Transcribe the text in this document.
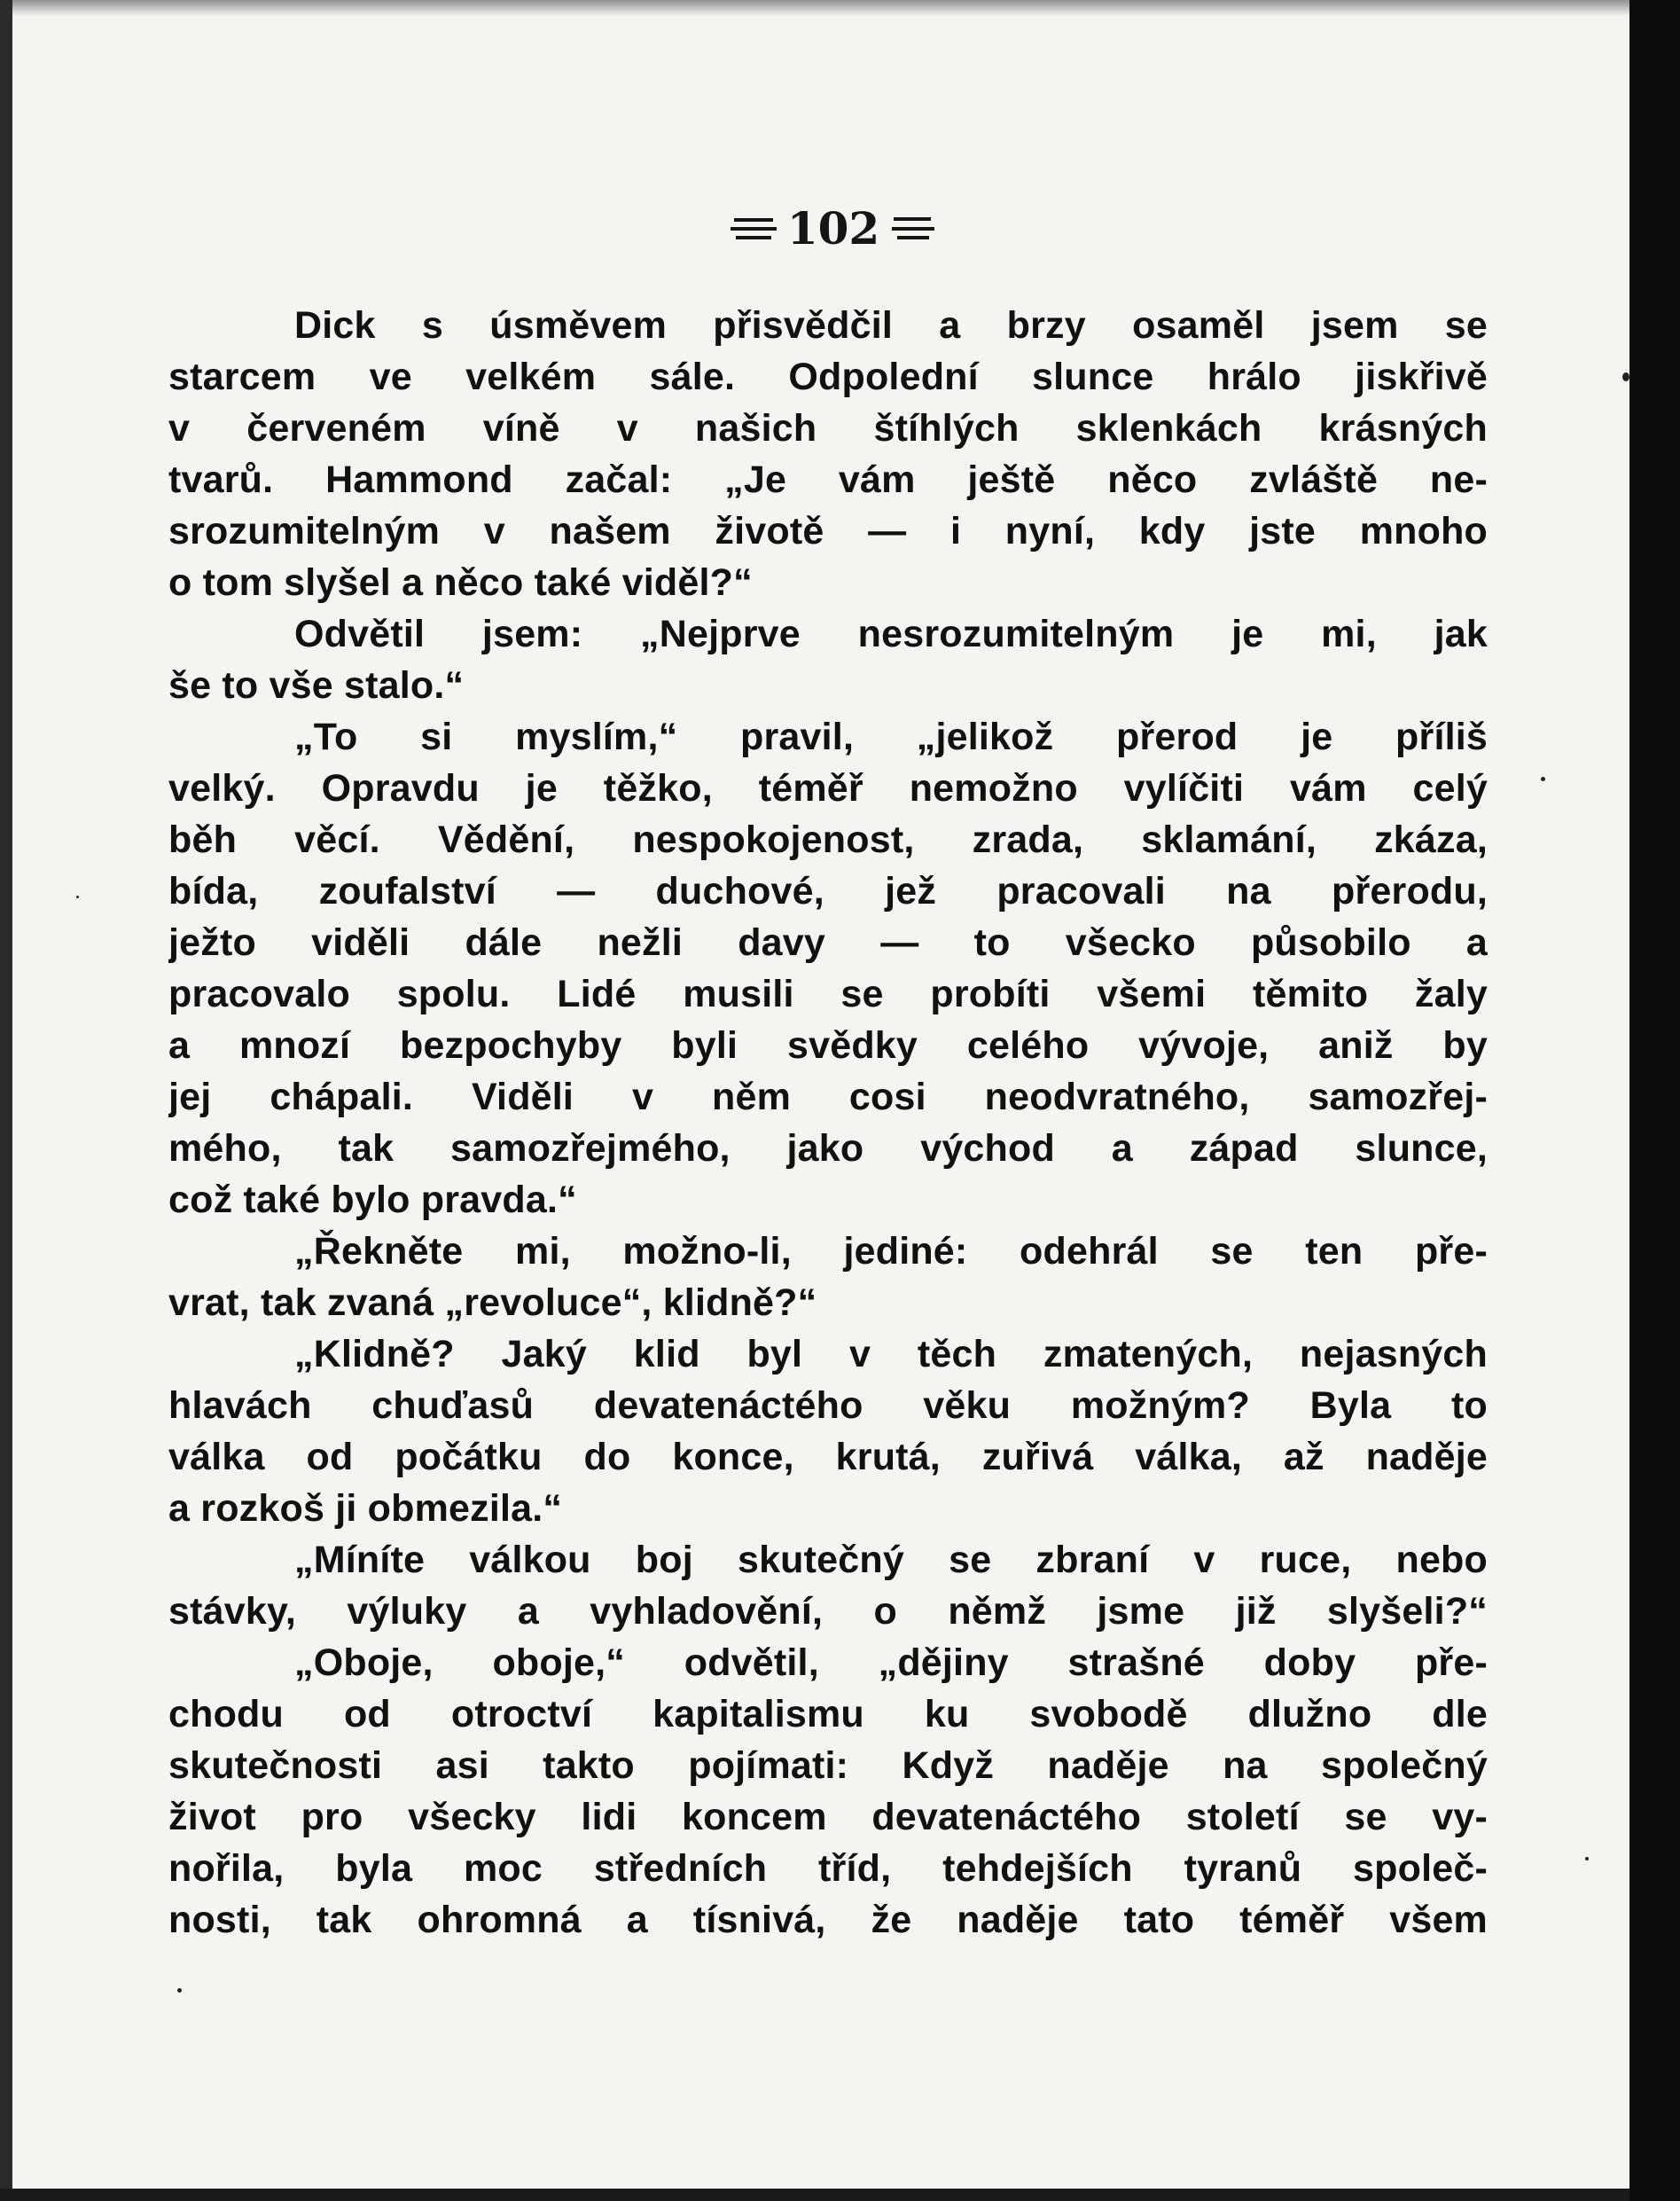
102
Dick s úsměvem přisvědčil a brzy osaměl jsem se
starcem ve velkém sále. Odpolední slunce hrálo jiskřivě
v červeném víně v našich štíhlých sklenkách krásných
tvarů. Hammond začal: „Je vám ještě něco zvláště ne-
srozumitelným v našem životě — i nyní, kdy jste mnoho
o tom slyšel a něco také viděl?“
Odvětil jsem: „Nejprve nesrozumitelným je mi, jak
še to vše stalo.“
„To si myslím,“ pravil, „jelikož přerod je příliš
velký. Opravdu je těžko, téměř nemožno vylíčiti vám celý
běh věcí. Vědění, nespokojenost, zrada, sklamání, zkáza,
bída, zoufalství — duchové, jež pracovali na přerodu,
ježto viděli dále nežli davy — to všecko působilo a
pracovalo spolu. Lidé musili se probíti všemi těmito žaly
a mnozí bezpochyby byli svědky celého vývoje, aniž by
jej chápali. Viděli v něm cosi neodvratného, samozřej-
mého, tak samozřejmého, jako východ a západ slunce,
což také bylo pravda.“
„Řekněte mi, možno-li, jediné: odehrál se ten pře-
vrat, tak zvaná „revoluce“, klidně?“
„Klidně? Jaký klid byl v těch zmatených, nejasných
hlavách chuďasů devatenáctého věku možným? Byla to
válka od počátku do konce, krutá, zuřivá válka, až naděje
a rozkoš ji obmezila.“
„Míníte válkou boj skutečný se zbraní v ruce, nebo
stávky, výluky a vyhladovění, o němž jsme již slyšeli?“
„Oboje, oboje,“ odvětil, „dějiny strašné doby pře-
chodu od otroctví kapitalismu ku svobodě dlužno dle
skutečnosti asi takto pojímati: Když naděje na společný
život pro všecky lidi koncem devatenáctého století se vy-
nořila, byla moc středních tříd, tehdejších tyranů společ-
nosti, tak ohromná a tísnivá, že naděje tato téměř všem
